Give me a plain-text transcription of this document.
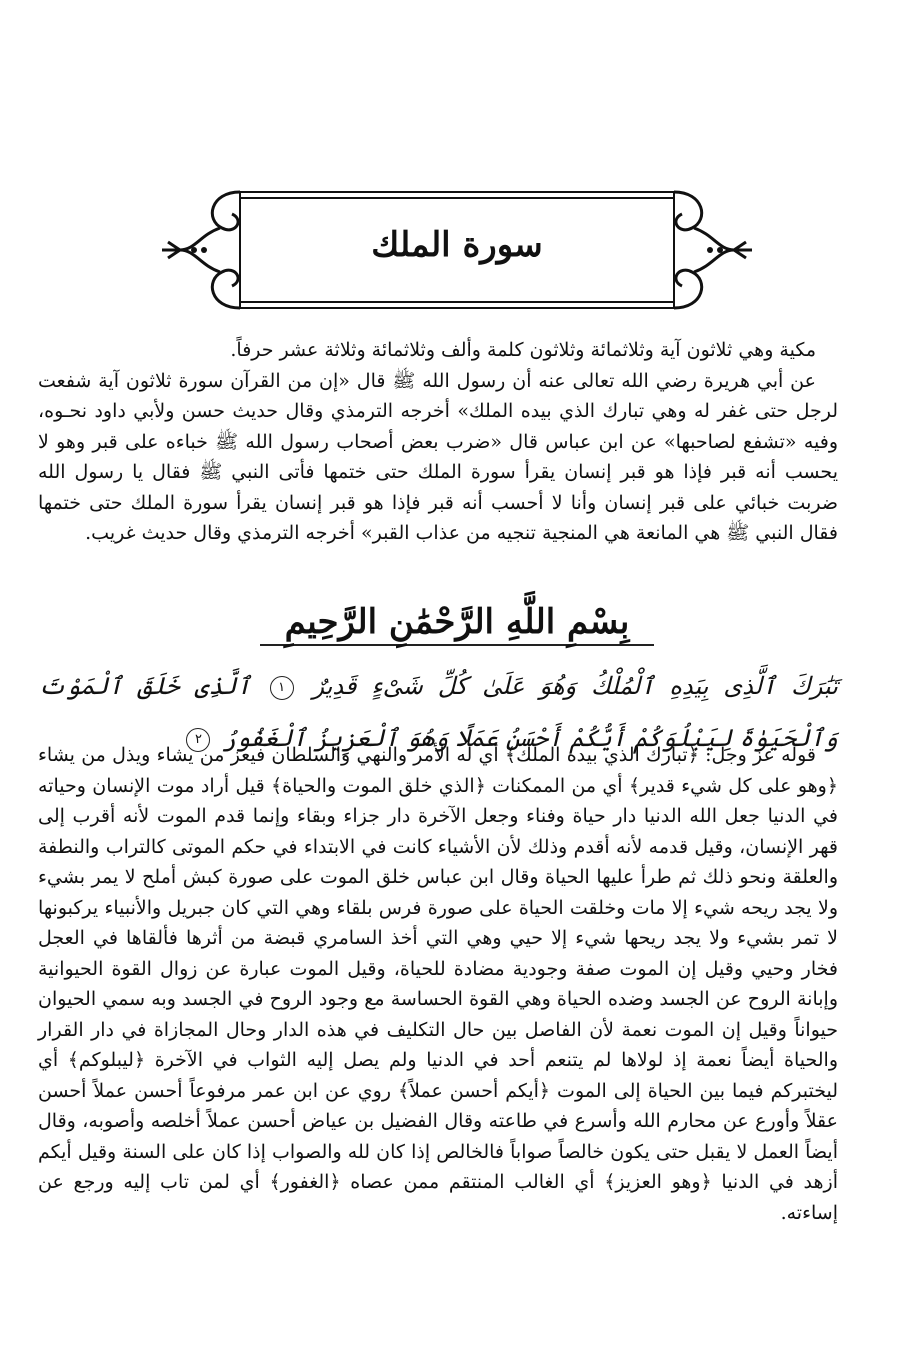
سورة الملك

مكية وهي ثلاثون آية وثلاثمائة وثلاثون كلمة وألف وثلاثمائة وثلاثة عشر حرفاً.

عن أبي هريرة رضي الله تعالى عنه أن رسول الله ﷺ قال «إن من القرآن سورة ثلاثون آية شفعت لرجل حتى غفر له وهي تبارك الذي بيده الملك» أخرجه الترمذي وقال حديث حسن ولأبي داود نحـوه، وفيه «تشفع لصاحبها» عن ابن عباس قال «ضرب بعض أصحاب رسول الله ﷺ خباءه على قبر وهو لا يحسب أنه قبر فإذا هو قبر إنسان يقرأ سورة الملك حتى ختمها فأتى النبي ﷺ فقال يا رسول الله ضربت خبائي على قبر إنسان وأنا لا أحسب أنه قبر فإذا هو قبر إنسان يقرأ سورة الملك حتى ختمها فقال النبي ﷺ هي المانعة هي المنجية تنجيه من عذاب القبر» أخرجه الترمذي وقال حديث غريب.

بِسْمِ اللَّهِ الرَّحْمَٰنِ الرَّحِيمِ
تَبَٰرَكَ ٱلَّذِى بِيَدِهِ ٱلْمُلْكُ وَهُوَ عَلَىٰ كُلِّ شَىْءٍ قَدِيرٌ ١ ٱلَّذِى خَلَقَ ٱلْمَوْتَ وَٱلْحَيَوٰةَ لِيَبْلُوَكُمْ أَيُّكُمْ أَحْسَنُ عَمَلًا وَهُوَ ٱلْعَزِيزُ ٱلْغَفُورُ ٢

قوله عز وجل: ﴿تبارك الذي بيده الملك﴾ أي له الأمر والنهي والسلطان فيعز من يشاء ويذل من يشاء ﴿وهو على كل شيء قدير﴾ أي من الممكنات ﴿الذي خلق الموت والحياة﴾ قيل أراد موت الإنسان وحياته في الدنيا جعل الله الدنيا دار حياة وفناء وجعل الآخرة دار جزاء وبقاء وإنما قدم الموت لأنه أقرب إلى قهر الإنسان، وقيل قدمه لأنه أقدم وذلك لأن الأشياء كانت في الابتداء في حكم الموتى كالتراب والنطفة والعلقة ونحو ذلك ثم طرأ عليها الحياة وقال ابن عباس خلق الموت على صورة كبش أملح لا يمر بشيء ولا يجد ريحه شيء إلا مات وخلقت الحياة على صورة فرس بلقاء وهي التي كان جبريل والأنبياء يركبونها لا تمر بشيء ولا يجد ريحها شيء إلا حيي وهي التي أخذ السامري قبضة من أثرها فألقاها في العجل فخار وحيي وقيل إن الموت صفة وجودية مضادة للحياة، وقيل الموت عبارة عن زوال القوة الحيوانية وإبانة الروح عن الجسد وضده الحياة وهي القوة الحساسة مع وجود الروح في الجسد وبه سمي الحيوان حيواناً وقيل إن الموت نعمة لأن الفاصل بين حال التكليف في هذه الدار وحال المجازاة في دار القرار والحياة أيضاً نعمة إذ لولاها لم يتنعم أحد في الدنيا ولم يصل إليه الثواب في الآخرة ﴿ليبلوكم﴾ أي ليختبركم فيما بين الحياة إلى الموت ﴿أيكم أحسن عملاً﴾ روي عن ابن عمر مرفوعاً أحسن عملاً أحسن عقلاً وأورع عن محارم الله وأسرع في طاعته وقال الفضيل بن عياض أحسن عملاً أخلصه وأصوبه، وقال أيضاً العمل لا يقبل حتى يكون خالصاً صواباً فالخالص إذا كان لله والصواب إذا كان على السنة وقيل أيكم أزهد في الدنيا ﴿وهو العزيز﴾ أي الغالب المنتقم ممن عصاه ﴿الغفور﴾ أي لمن تاب إليه ورجع عن إساءته.
